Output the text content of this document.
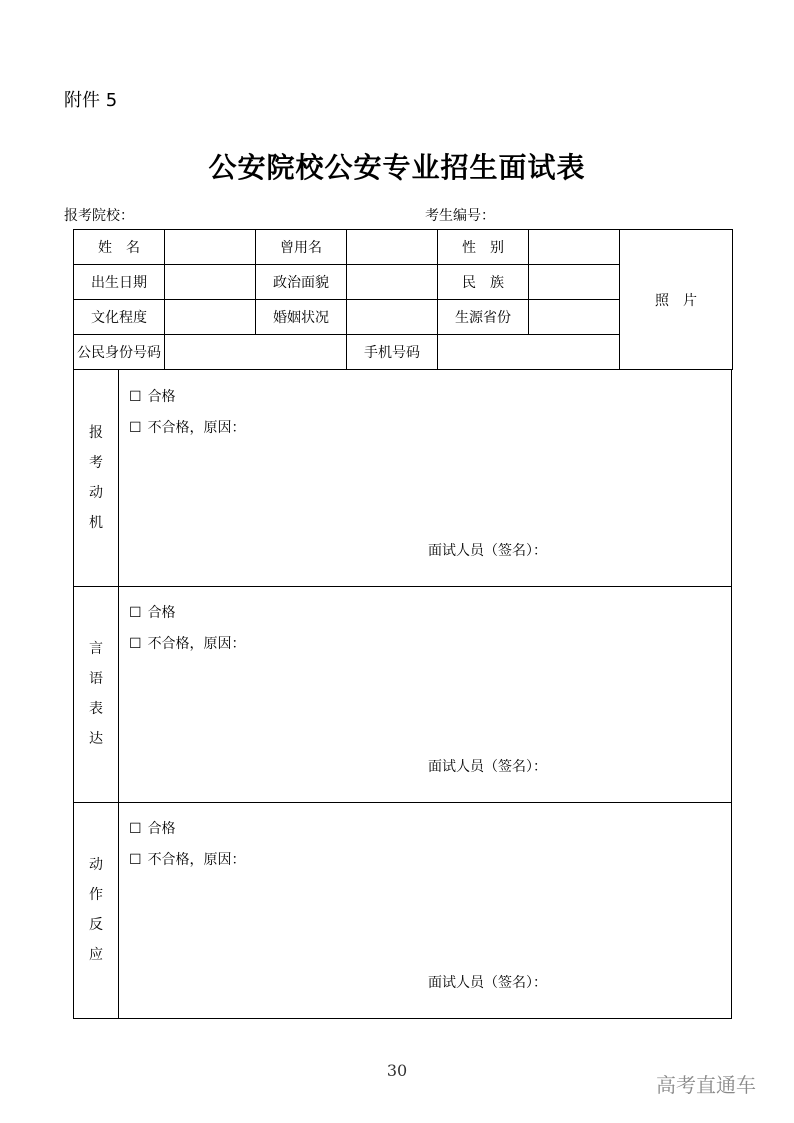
附件 5
公安院校公安专业招生面试表
报考院校：	考生编号：
姓　名		曾用名		性　别		照　片
出生日期		政治面貌		民　族		
文化程度		婚姻状况		生源省份		
公民身份号码			手机号码			
报
考
动
机
☐ 合格
☐ 不合格，原因：
面试人员（签名）：
言
语
表
达
☐ 合格
☐ 不合格，原因：
面试人员（签名）：
动
作
反
应
☐ 合格
☐ 不合格，原因：
面试人员（签名）：
30
高考直通车
